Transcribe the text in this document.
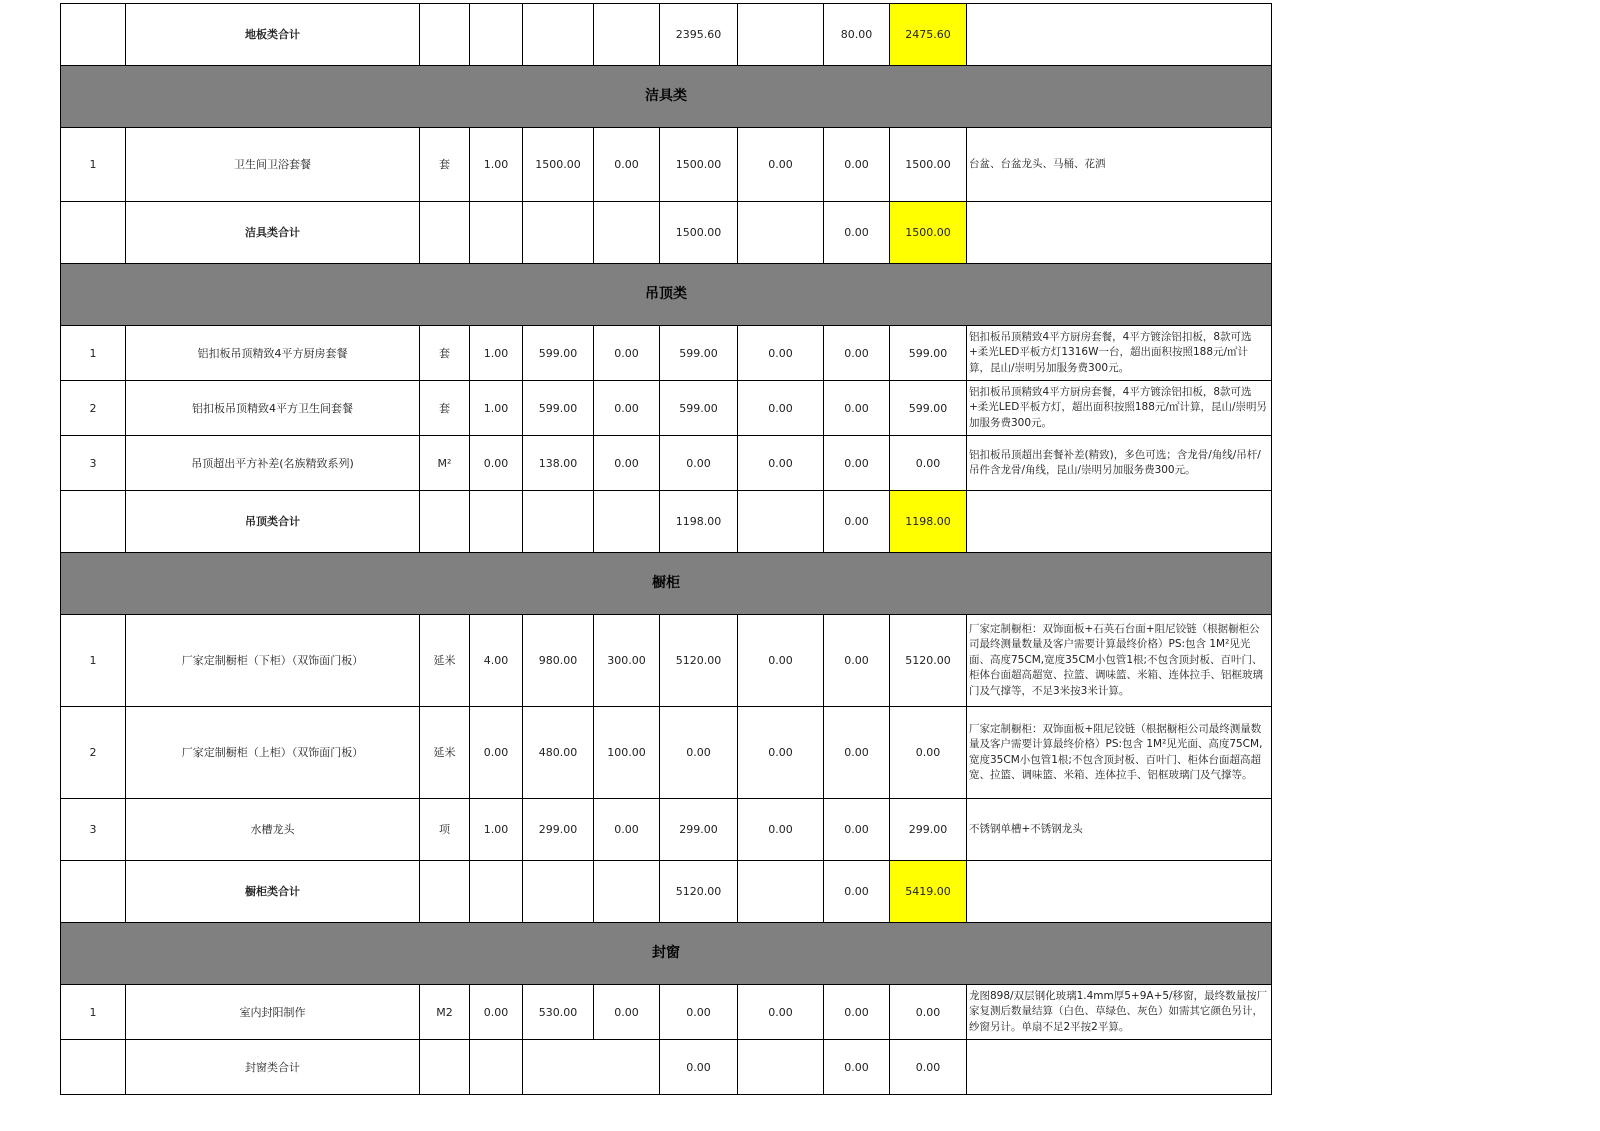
	地板类合计					2395.60		80.00	2475.60	
洁具类										
1	卫生间卫浴套餐	套	1.00	1500.00	0.00	1500.00	0.00	0.00	1500.00	台盆、台盆龙头、马桶、花洒
	洁具类合计					1500.00		0.00	1500.00	
吊顶类										
1	铝扣板吊顶精致4平方厨房套餐	套	1.00	599.00	0.00	599.00	0.00	0.00	599.00	铝扣板吊顶精致4平方厨房套餐，4平方镀涂铝扣板，8款可选+柔光LED平板方灯1316W一台，超出面积按照188元/㎡计算，昆山/崇明另加服务费300元。
2	铝扣板吊顶精致4平方卫生间套餐	套	1.00	599.00	0.00	599.00	0.00	0.00	599.00	铝扣板吊顶精致4平方厨房套餐，4平方镀涂铝扣板，8款可选+柔光LED平板方灯，超出面积按照188元/㎡计算，昆山/崇明另加服务费300元。
3	吊顶超出平方补差(名族精致系列)	M²	0.00	138.00	0.00	0.00	0.00	0.00	0.00	铝扣板吊顶超出套餐补差(精致)，多色可选；含龙骨/角线/吊杆/吊件含龙骨/角线，昆山/崇明另加服务费300元。
	吊顶类合计					1198.00		0.00	1198.00	
橱柜										
1	厂家定制橱柜（下柜）（双饰面门板）	延米	4.00	980.00	300.00	5120.00	0.00	0.00	5120.00	厂家定制橱柜：双饰面板+石英石台面+阻尼铰链（根据橱柜公司最终测量数量及客户需要计算最终价格）PS:包含 1M²见光面、高度75CM,宽度35CM小包管1根;不包含顶封板、百叶门、柜体台面超高超宽、拉篮、调味篮、米箱、连体拉手、铝框玻璃门及气撑等，不足3米按3米计算。
2	厂家定制橱柜（上柜）（双饰面门板）	延米	0.00	480.00	100.00	0.00	0.00	0.00	0.00	厂家定制橱柜：双饰面板+阻尼铰链（根据橱柜公司最终测量数量及客户需要计算最终价格）PS:包含 1M²见光面、高度75CM,宽度35CM小包管1根;不包含顶封板、百叶门、柜体台面超高超宽、拉篮、调味篮、米箱、连体拉手、铝框玻璃门及气撑等。
3	水槽龙头	项	1.00	299.00	0.00	299.00	0.00	0.00	299.00	不锈钢单槽+不锈钢龙头
	橱柜类合计					5120.00		0.00	5419.00	
封窗										
1	室内封阳制作	M2	0.00	530.00	0.00	0.00	0.00	0.00	0.00	龙图898/双层钢化玻璃1.4mm厚5+9A+5/移窗，最终数量按厂家复测后数量结算（白色、草绿色、灰色）如需其它颜色另计，纱窗另计。单扇不足2平按2平算。
	封窗类合计					0.00		0.00	0.00	
